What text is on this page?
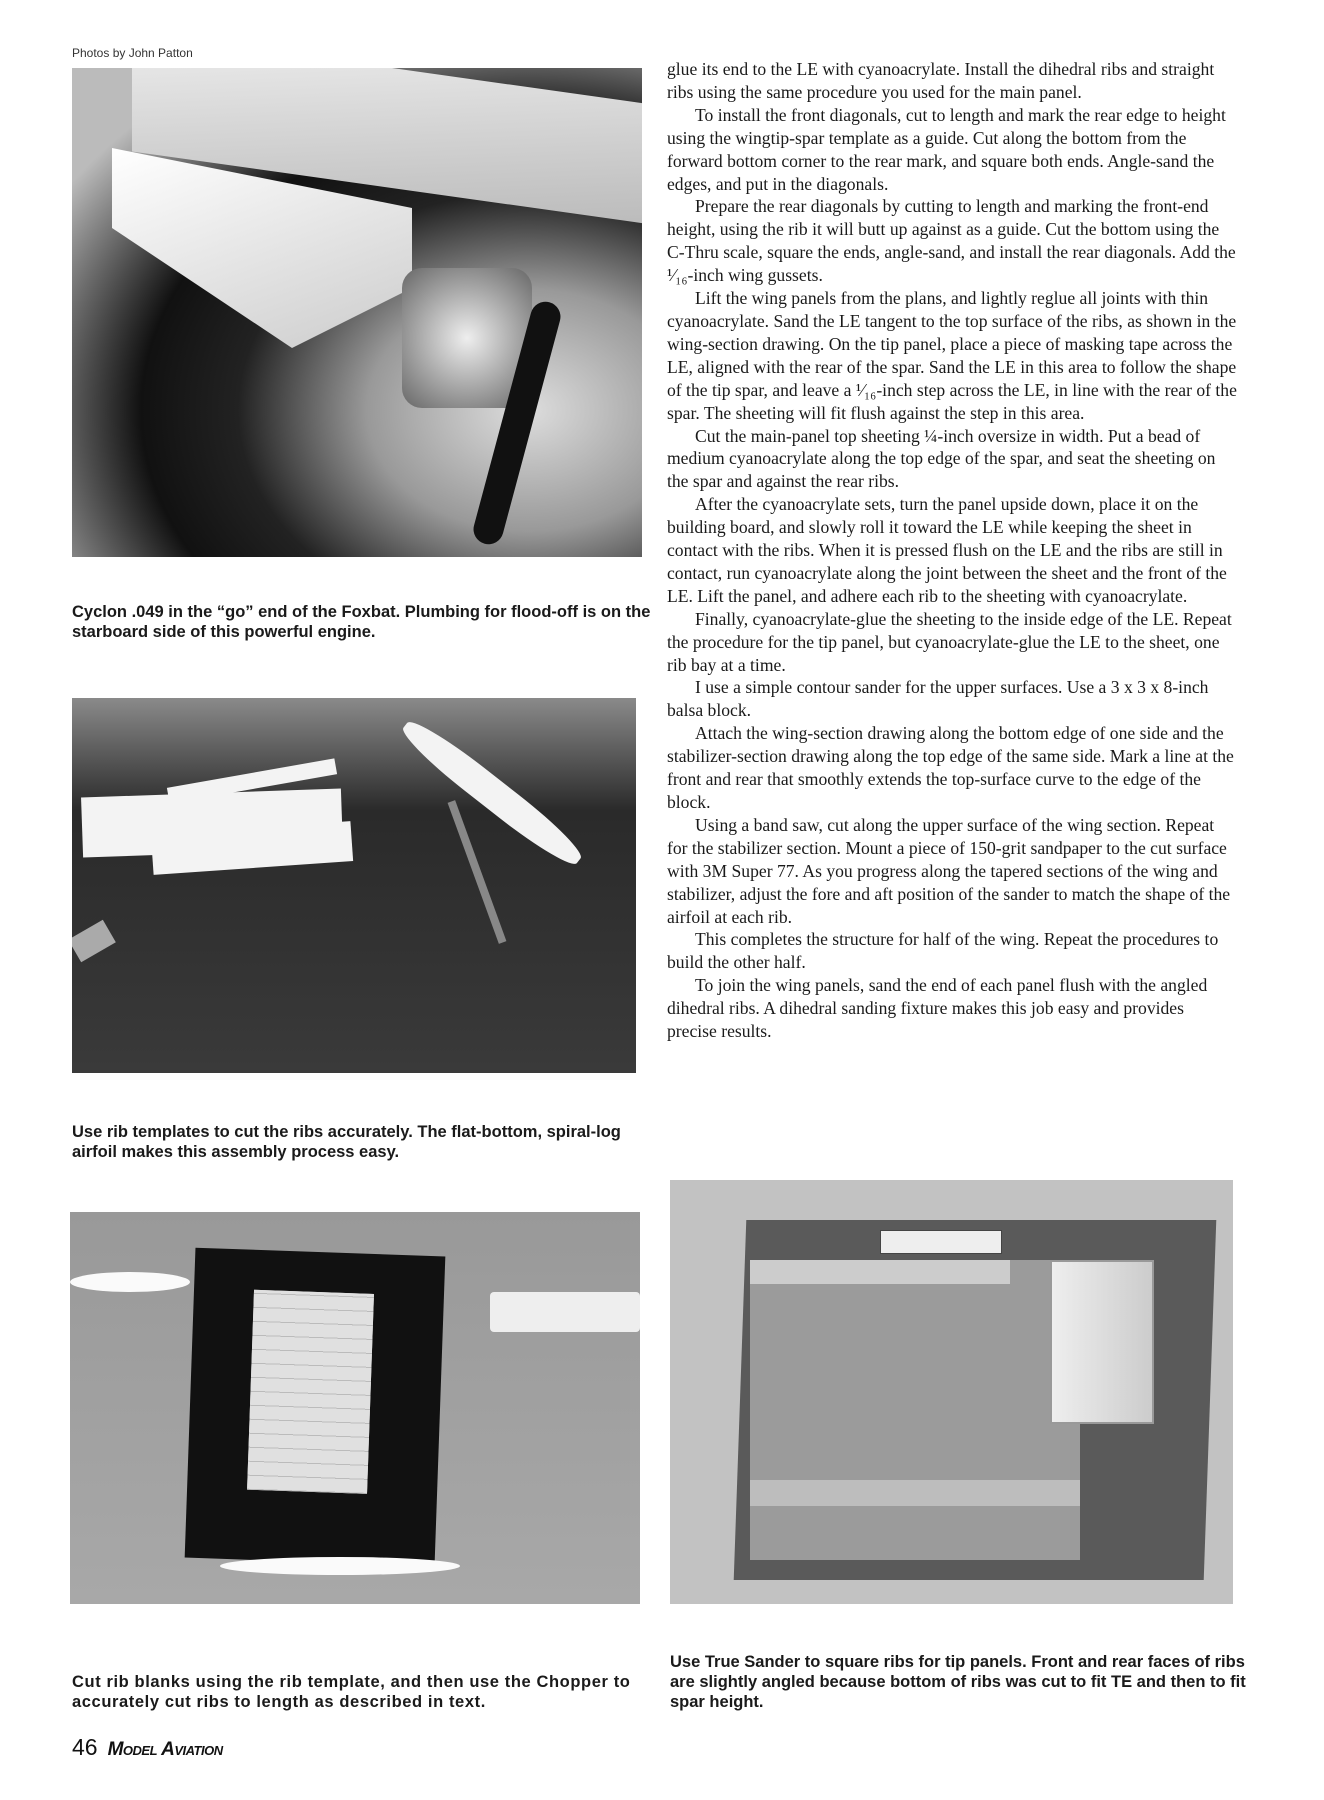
Photos by John Patton
Cyclon .049 in the “go” end of the Foxbat. Plumbing for flood-off is on the starboard side of this powerful engine.
Use rib templates to cut the ribs accurately. The flat-bottom, spiral-log airfoil makes this assembly process easy.
Cut rib blanks using the rib template, and then use the Chopper to accurately cut ribs to length as described in text.
Use True Sander to square ribs for tip panels. Front and rear faces of ribs are slightly angled because bottom of ribs was cut to fit TE and then to fit spar height.

glue its end to the LE with cyanoacrylate. Install the dihedral ribs and straight ribs using the same procedure you used for the main panel.

To install the front diagonals, cut to length and mark the rear edge to height using the wingtip-spar template as a guide. Cut along the bottom from the forward bottom corner to the rear mark, and square both ends. Angle-sand the edges, and put in the diagonals.

Prepare the rear diagonals by cutting to length and marking the front-end height, using the rib it will butt up against as a guide. Cut the bottom using the C-Thru scale, square the ends, angle-sand, and install the rear diagonals. Add the ¹⁄₁₆-inch wing gussets.

Lift the wing panels from the plans, and lightly reglue all joints with thin cyanoacrylate. Sand the LE tangent to the top surface of the ribs, as shown in the wing-section drawing. On the tip panel, place a piece of masking tape across the LE, aligned with the rear of the spar. Sand the LE in this area to follow the shape of the tip spar, and leave a ¹⁄₁₆-inch step across the LE, in line with the rear of the spar. The sheeting will fit flush against the step in this area.

Cut the main-panel top sheeting ¼-inch oversize in width. Put a bead of medium cyanoacrylate along the top edge of the spar, and seat the sheeting on the spar and against the rear ribs.

After the cyanoacrylate sets, turn the panel upside down, place it on the building board, and slowly roll it toward the LE while keeping the sheet in contact with the ribs. When it is pressed flush on the LE and the ribs are still in contact, run cyanoacrylate along the joint between the sheet and the front of the LE. Lift the panel, and adhere each rib to the sheeting with cyanoacrylate.

Finally, cyanoacrylate-glue the sheeting to the inside edge of the LE. Repeat the procedure for the tip panel, but cyanoacrylate-glue the LE to the sheet, one rib bay at a time.

I use a simple contour sander for the upper surfaces. Use a 3 x 3 x 8-inch balsa block.

Attach the wing-section drawing along the bottom edge of one side and the stabilizer-section drawing along the top edge of the same side. Mark a line at the front and rear that smoothly extends the top-surface curve to the edge of the block.

Using a band saw, cut along the upper surface of the wing section. Repeat for the stabilizer section. Mount a piece of 150-grit sandpaper to the cut surface with 3M Super 77. As you progress along the tapered sections of the wing and stabilizer, adjust the fore and aft position of the sander to match the shape of the airfoil at each rib.

This completes the structure for half of the wing. Repeat the procedures to build the other half.

To join the wing panels, sand the end of each panel flush with the angled dihedral ribs. A dihedral sanding fixture makes this job easy and provides precise results.

46 Model Aviation
